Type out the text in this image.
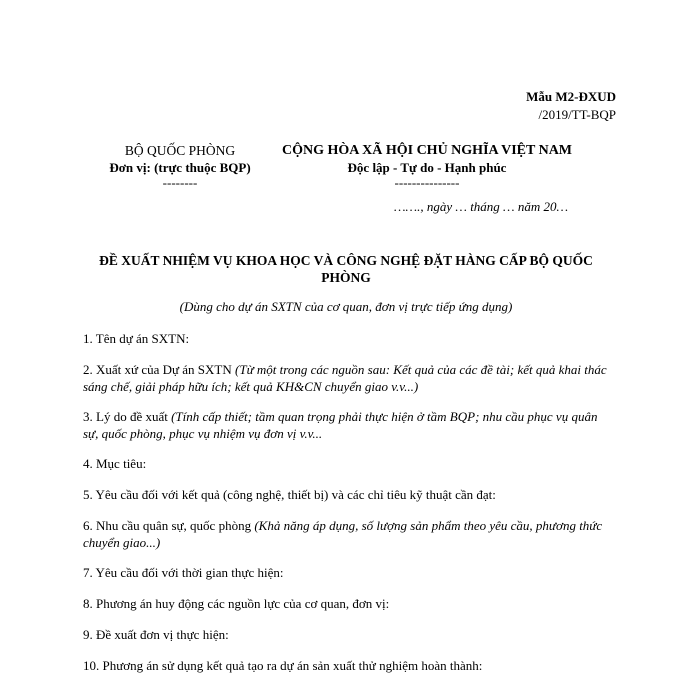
Mẫu M2-ĐXUD
/2019/TT-BQP
BỘ QUỐC PHÒNG
Đơn vị: (trực thuộc BQP)
--------
CỘNG HÒA XÃ HỘI CHỦ NGHĨA VIỆT NAM
Độc lập - Tự do - Hạnh phúc
---------------
……., ngày … tháng … năm 20…
ĐỀ XUẤT NHIỆM VỤ KHOA HỌC VÀ CÔNG NGHỆ ĐẶT HÀNG CẤP BỘ QUỐC PHÒNG
(Dùng cho dự án SXTN của cơ quan, đơn vị trực tiếp ứng dụng)
1. Tên dự án SXTN:
2. Xuất xứ của Dự án SXTN (Từ một trong các nguồn sau: Kết quả của các đề tài; kết quả khai thác sáng chế, giải pháp hữu ích; kết quả KH&CN chuyển giao v.v...)
3. Lý do đề xuất (Tính cấp thiết; tầm quan trọng phải thực hiện ở tầm BQP; nhu cầu phục vụ quân sự, quốc phòng, phục vụ nhiệm vụ đơn vị v.v...
4. Mục tiêu:
5. Yêu cầu đối với kết quả (công nghệ, thiết bị) và các chỉ tiêu kỹ thuật cần đạt:
6. Nhu cầu quân sự, quốc phòng (Khả năng áp dụng, số lượng sản phẩm theo yêu cầu, phương thức chuyển giao...)
7. Yêu cầu đối với thời gian thực hiện:
8. Phương án huy động các nguồn lực của cơ quan, đơn vị:
9. Đề xuất đơn vị thực hiện:
10. Phương án sử dụng kết quả tạo ra dự án sản xuất thử nghiệm hoàn thành:
